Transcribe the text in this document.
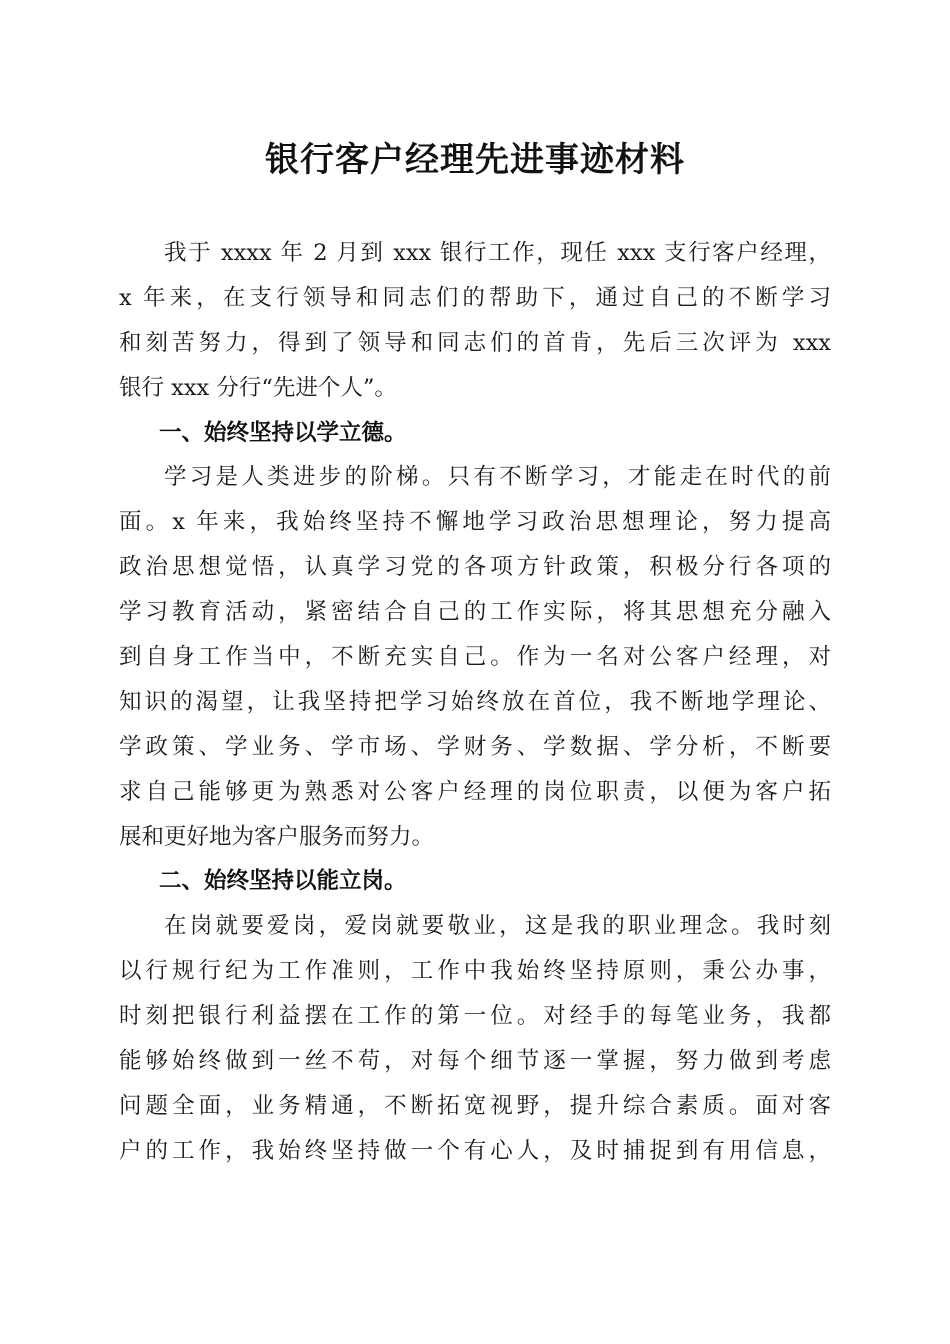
银行客户经理先进事迹材料
我于 xxxx 年 2 月到 xxx 银行工作，现任 xxx 支行客户经理，
x 年来，在支行领导和同志们的帮助下，通过自己的不断学习
和刻苦努力，得到了领导和同志们的首肯，先后三次评为 xxx
银行 xxx 分行“先进个人”。
一、始终坚持以学立德。
学习是人类进步的阶梯。只有不断学习，才能走在时代的前
面。x 年来，我始终坚持不懈地学习政治思想理论，努力提高
政治思想觉悟，认真学习党的各项方针政策，积极分行各项的
学习教育活动，紧密结合自己的工作实际，将其思想充分融入
到自身工作当中，不断充实自己。作为一名对公客户经理，对
知识的渴望，让我坚持把学习始终放在首位，我不断地学理论、
学政策、学业务、学市场、学财务、学数据、学分析，不断要
求自己能够更为熟悉对公客户经理的岗位职责，以便为客户拓
展和更好地为客户服务而努力。
二、始终坚持以能立岗。
在岗就要爱岗，爱岗就要敬业，这是我的职业理念。我时刻
以行规行纪为工作准则，工作中我始终坚持原则，秉公办事，
时刻把银行利益摆在工作的第一位。对经手的每笔业务，我都
能够始终做到一丝不苟，对每个细节逐一掌握，努力做到考虑
问题全面，业务精通，不断拓宽视野，提升综合素质。面对客
户的工作，我始终坚持做一个有心人，及时捕捉到有用信息，
